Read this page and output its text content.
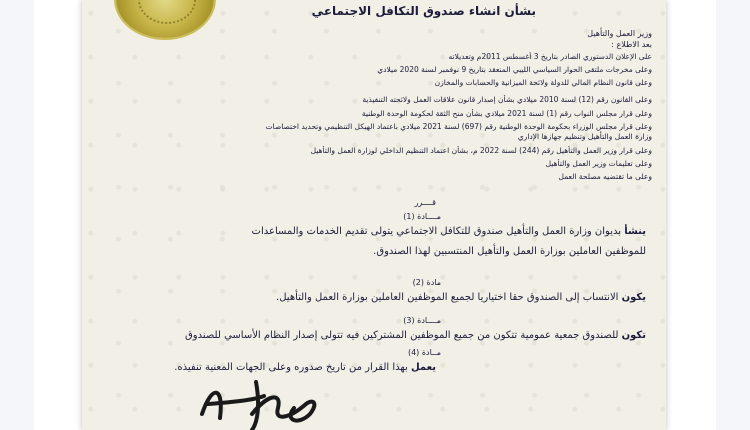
بشأن انشاء صندوق التكافل الاجتماعي

وزير العمل والتأهيل
بعد الاطلاع :
على الإعلان الدستوري الصادر بتاريخ 3 أغسطس 2011م وتعديلاته
وعلى مخرجات ملتقى الحوار السياسي الليبي المنعقد بتاريخ 9 نوفمبر لسنة 2020 ميلادي
وعلى قانون النظام المالي للدولة ولائحة الميزانية والحسابات والمخازن
وعلى القانون رقم (12) لسنة 2010 ميلادي بشأن إصدار قانون علاقات العمل ولائحته التنفيذية
وعلى قرار مجلس النواب رقم (1) لسنة 2021 ميلادي بشأن منح الثقة لحكومة الوحدة الوطنية
وعلى قرار مجلس الوزراء بحكومة الوحدة الوطنية رقم (697) لسنة 2021 ميلادي باعتماد الهيكل التنظيمي وتحديد اختصاصات وزارة العمل والتأهيل وتنظيم جهازها الإداري
وعلى قرار وزير العمل والتأهيل رقم (244) لسنة 2022 م، بشأن اعتماد التنظيم الداخلي لوزارة العمل والتأهيل
وعلى تعليمات وزير العمل والتأهيل
وعلى ما تقتضيه مصلحة العمل

قــــرر

مــــادة (1)

ينشأ بديوان وزارة العمل والتأهيل صندوق للتكافل الاجتماعي يتولى تقديم الخدمات والمساعدات
للموظفين العاملين بوزارة العمل والتأهيل المنتسبين لهذا الصندوق.

مادة (2)

يكون الانتساب إلى الصندوق حقا اختياريا لجميع الموظفين العاملين بوزارة العمل والتأهيل.

مــــادة (3)

تكون للصندوق جمعية عمومية تتكون من جميع الموظفين المشتركين فيه تتولى إصدار النظام الأساسي للصندوق

مــادة (4)

يعمل بهذا القرار من تاريخ صدوره وعلى الجهات المعنية تنفيذه.
